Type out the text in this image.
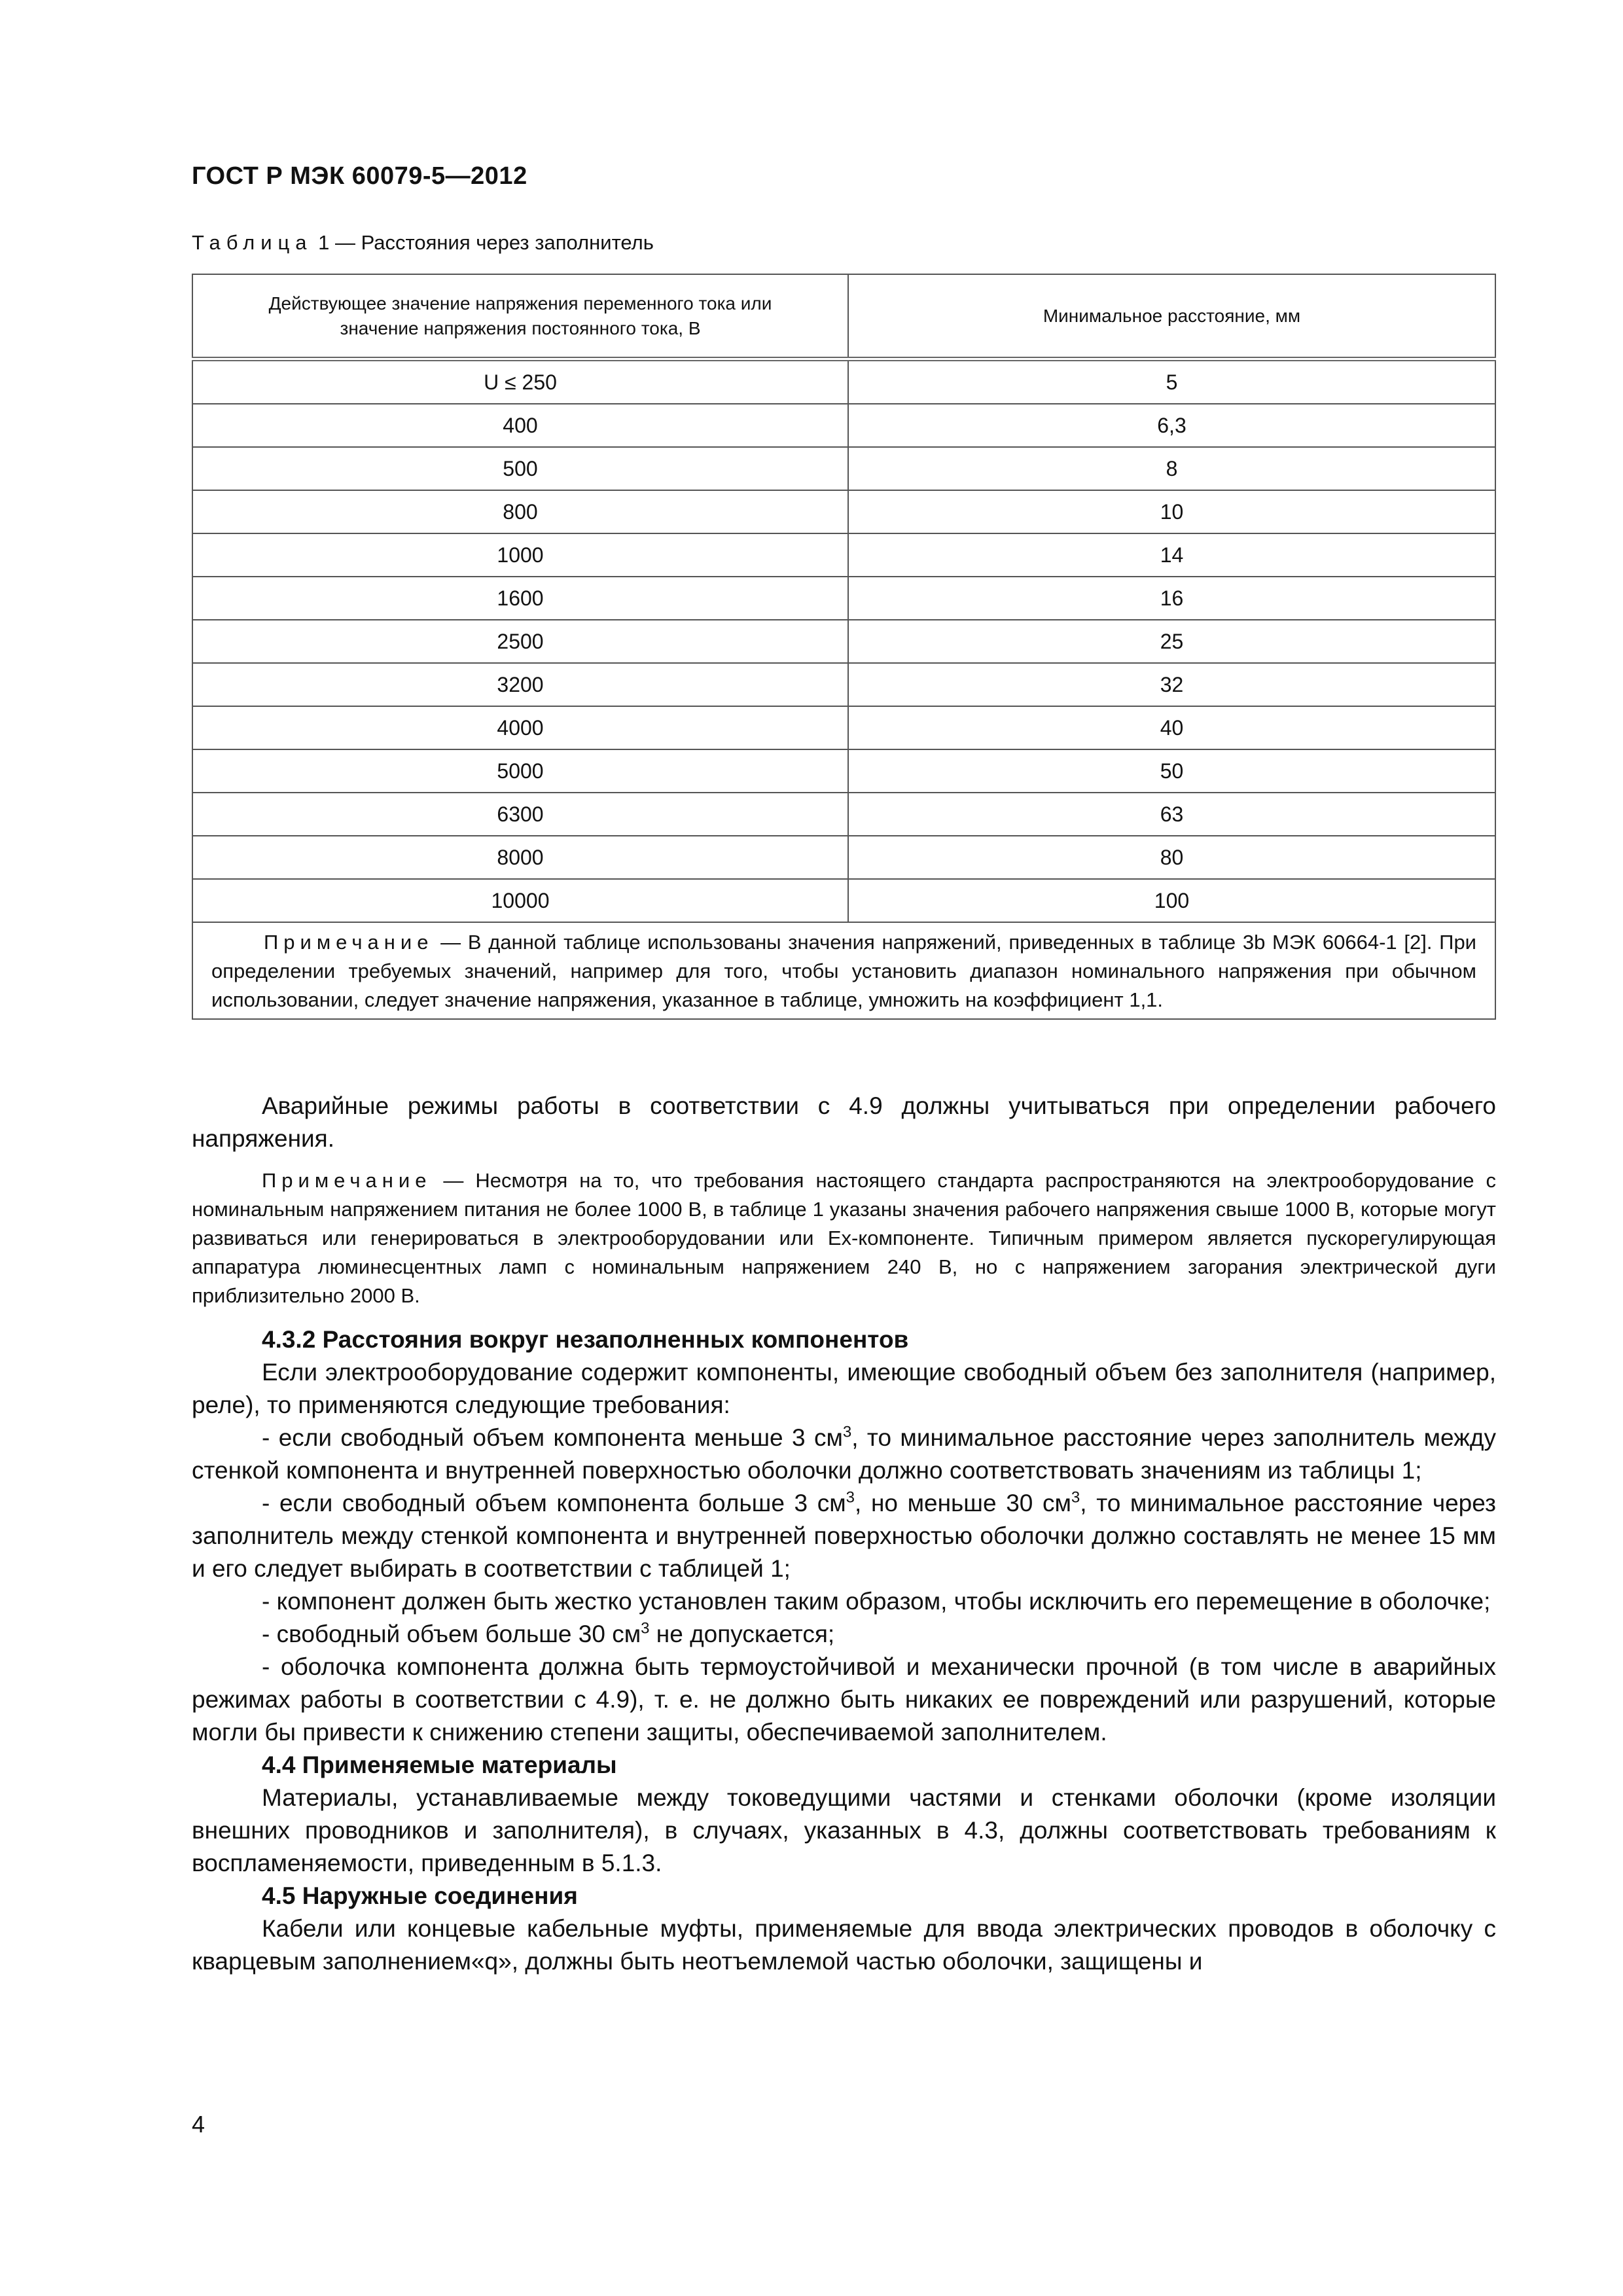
ГОСТ Р МЭК 60079-5—2012
Таблица 1 — Расстояния через заполнитель
Действующее значение напряжения переменного тока или значение напряжения постоянного тока, В	Минимальное расстояние, мм
U ≤ 250	5
400	6,3
500	8
800	10
1000	14
1600	16
2500	25
3200	32
4000	40
5000	50
6300	63
8000	80
10000	100
Примечание — В данной таблице использованы значения напряжений, приведенных в таблице 3b МЭК 60664-1 [2]. При определении требуемых значений, например для того, чтобы установить диапазон номинального напряжения при обычном использовании, следует значение напряжения, указанное в таблице, умножить на коэффициент 1,1.	

Аварийные режимы работы в соответствии с 4.9 должны учитываться при определении рабочего напряжения.

Примечание — Несмотря на то, что требования настоящего стандарта распространяются на электрооборудование с номинальным напряжением питания не более 1000 В, в таблице 1 указаны значения рабочего напряжения свыше 1000 В, которые могут развиваться или генерироваться в электрооборудовании или Ex-компоненте. Типичным примером является пускорегулирующая аппаратура люминесцентных ламп с номинальным напряжением 240 В, но с напряжением загорания электрической дуги приблизительно 2000 В.

4.3.2 Расстояния вокруг незаполненных компонентов

Если электрооборудование содержит компоненты, имеющие свободный объем без заполнителя (например, реле), то применяются следующие требования:

- если свободный объем компонента меньше 3 $см^3$, то минимальное расстояние через заполнитель между стенкой компонента и внутренней поверхностью оболочки должно соответствовать значениям из таблицы 1;

- если свободный объем компонента больше 3 $см^3$, но меньше 30 $см^3$, то минимальное расстояние через заполнитель между стенкой компонента и внутренней поверхностью оболочки должно составлять не менее 15 мм и его следует выбирать в соответствии с таблицей 1;

- компонент должен быть жестко установлен таким образом, чтобы исключить его перемещение в оболочке;

- свободный объем больше 30 $см^3$ не допускается;

- оболочка компонента должна быть термоустойчивой и механически прочной (в том числе в аварийных режимах работы в соответствии с 4.9), т. е. не должно быть никаких ее повреждений или разрушений, которые могли бы привести к снижению степени защиты, обеспечиваемой заполнителем.

4.4 Применяемые материалы

Материалы, устанавливаемые между токоведущими частями и стенками оболочки (кроме изоляции внешних проводников и заполнителя), в случаях, указанных в 4.3, должны соответствовать требованиям к воспламеняемости, приведенным в 5.1.3.

4.5 Наружные соединения

Кабели или концевые кабельные муфты, применяемые для ввода электрических проводов в оболочку с кварцевым заполнением«q», должны быть неотъемлемой частью оболочки, защищены и

4
